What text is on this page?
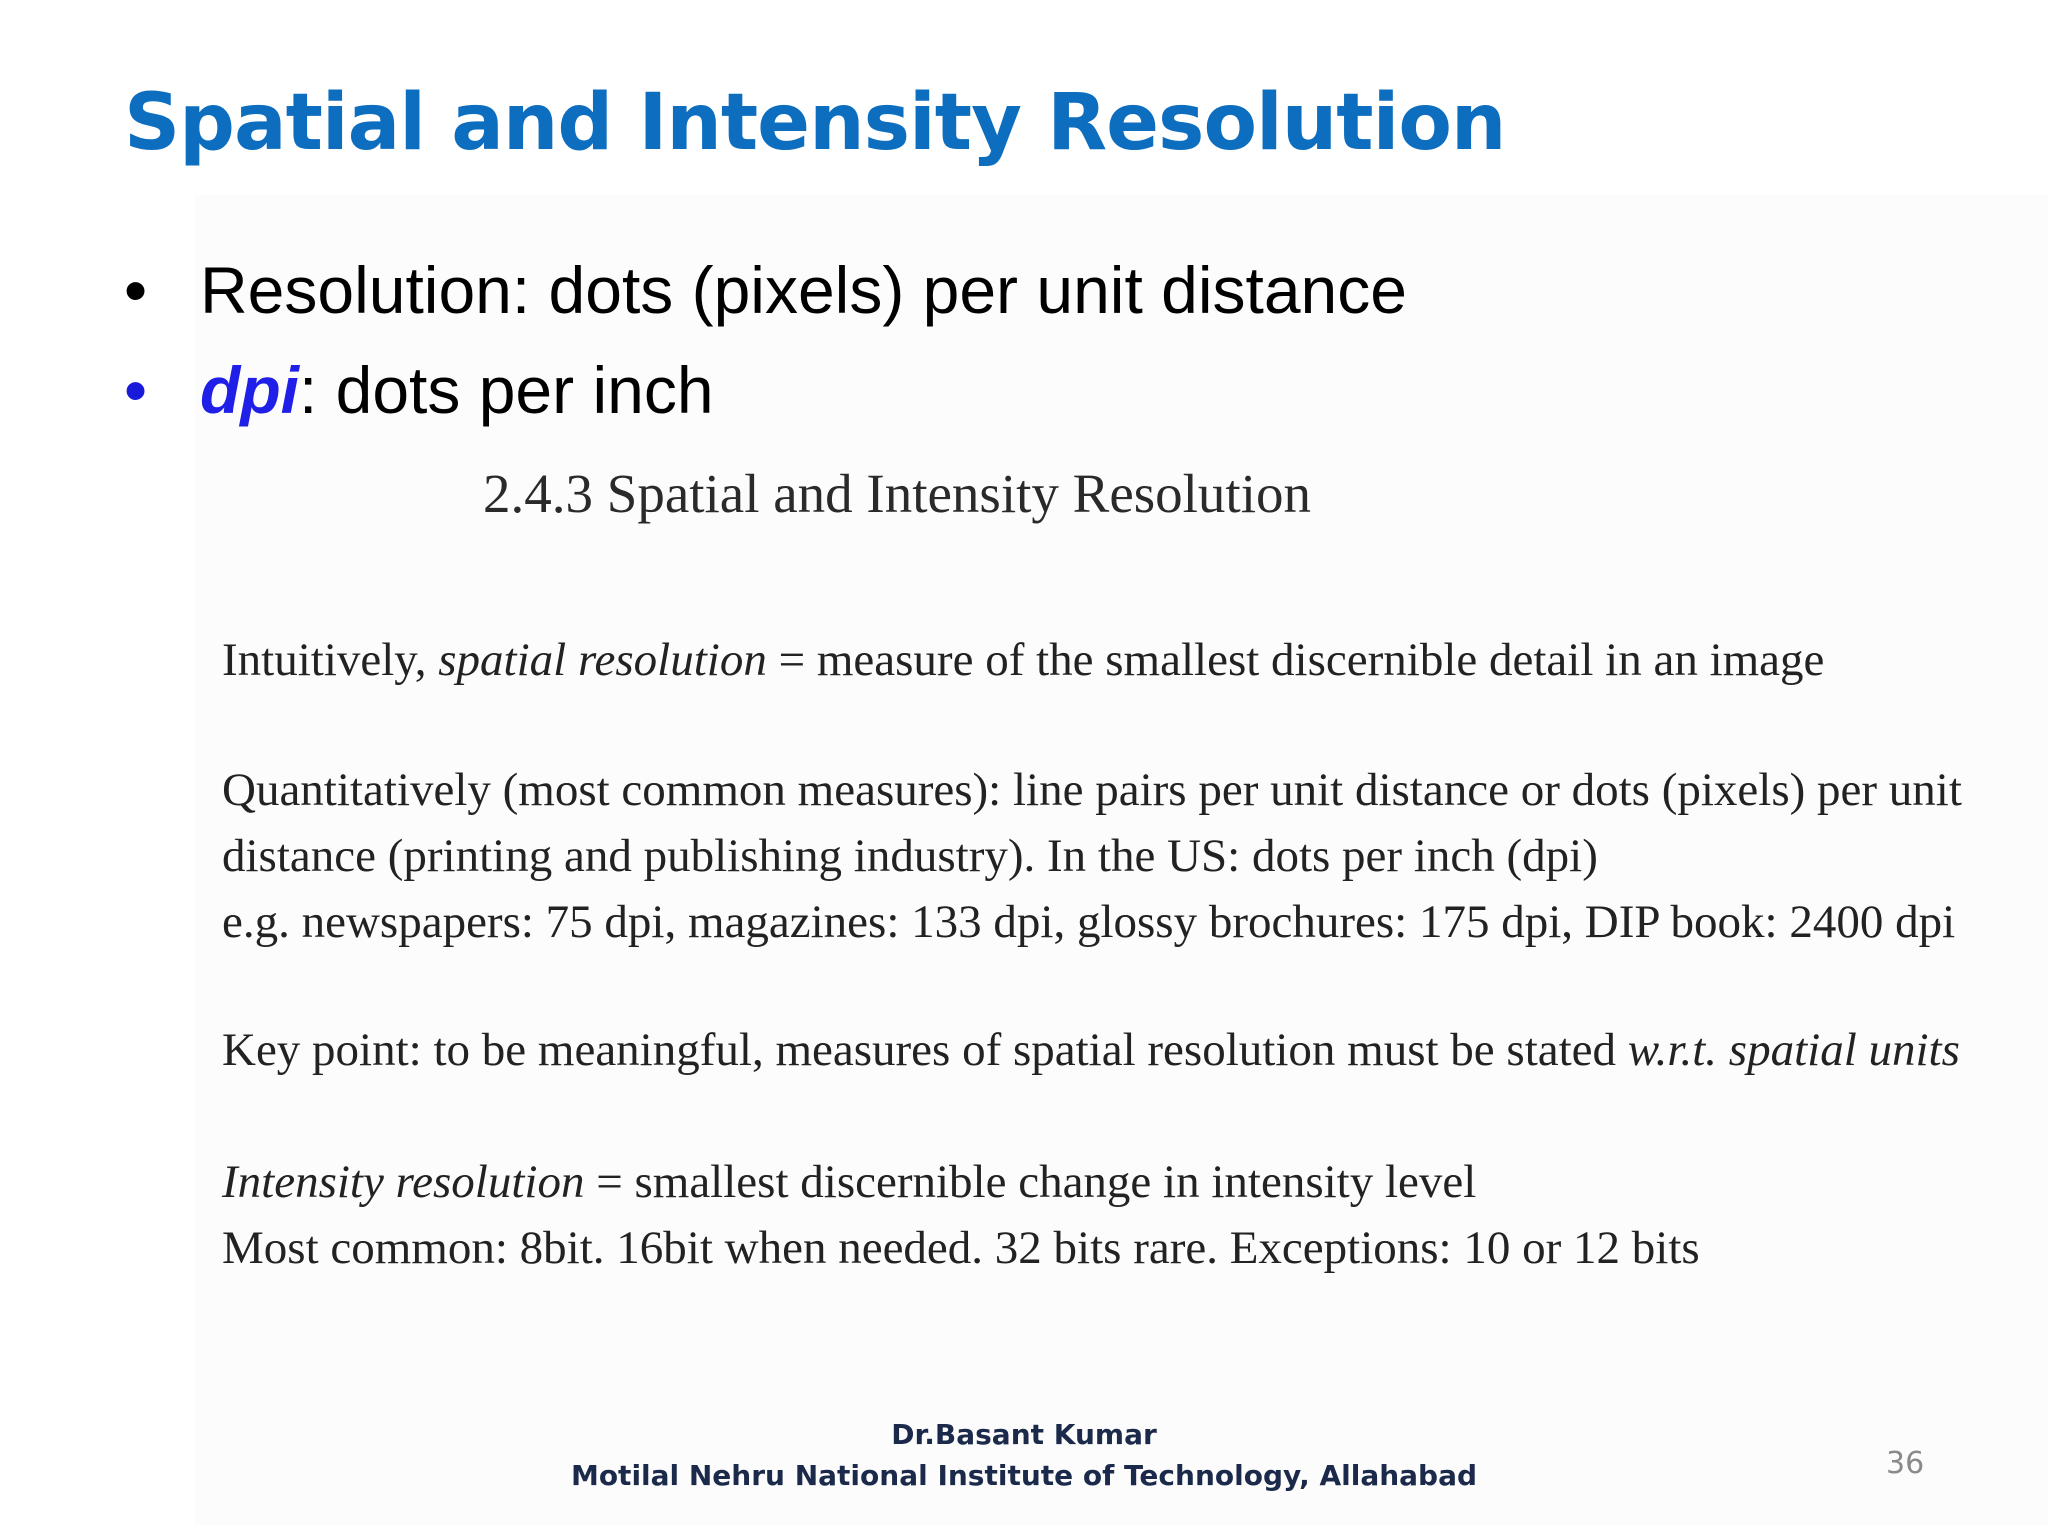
Spatial and Intensity Resolution
• Resolution: dots (pixels) per unit distance
• dpi: dots per inch
2.4.3 Spatial and Intensity Resolution

Intuitively, spatial resolution = measure of the smallest discernible detail in an image

Quantitatively (most common measures): line pairs per unit distance or dots (pixels) per unit
distance (printing and publishing industry). In the US: dots per inch (dpi)
e.g. newspapers: 75 dpi, magazines: 133 dpi, glossy brochures: 175 dpi, DIP book: 2400 dpi

Key point: to be meaningful, measures of spatial resolution must be stated w.r.t. spatial units

Intensity resolution = smallest discernible change in intensity level
Most common: 8bit. 16bit when needed. 32 bits rare. Exceptions: 10 or 12 bits

Dr.Basant Kumar
Motilal Nehru National Institute of Technology, Allahabad	36
